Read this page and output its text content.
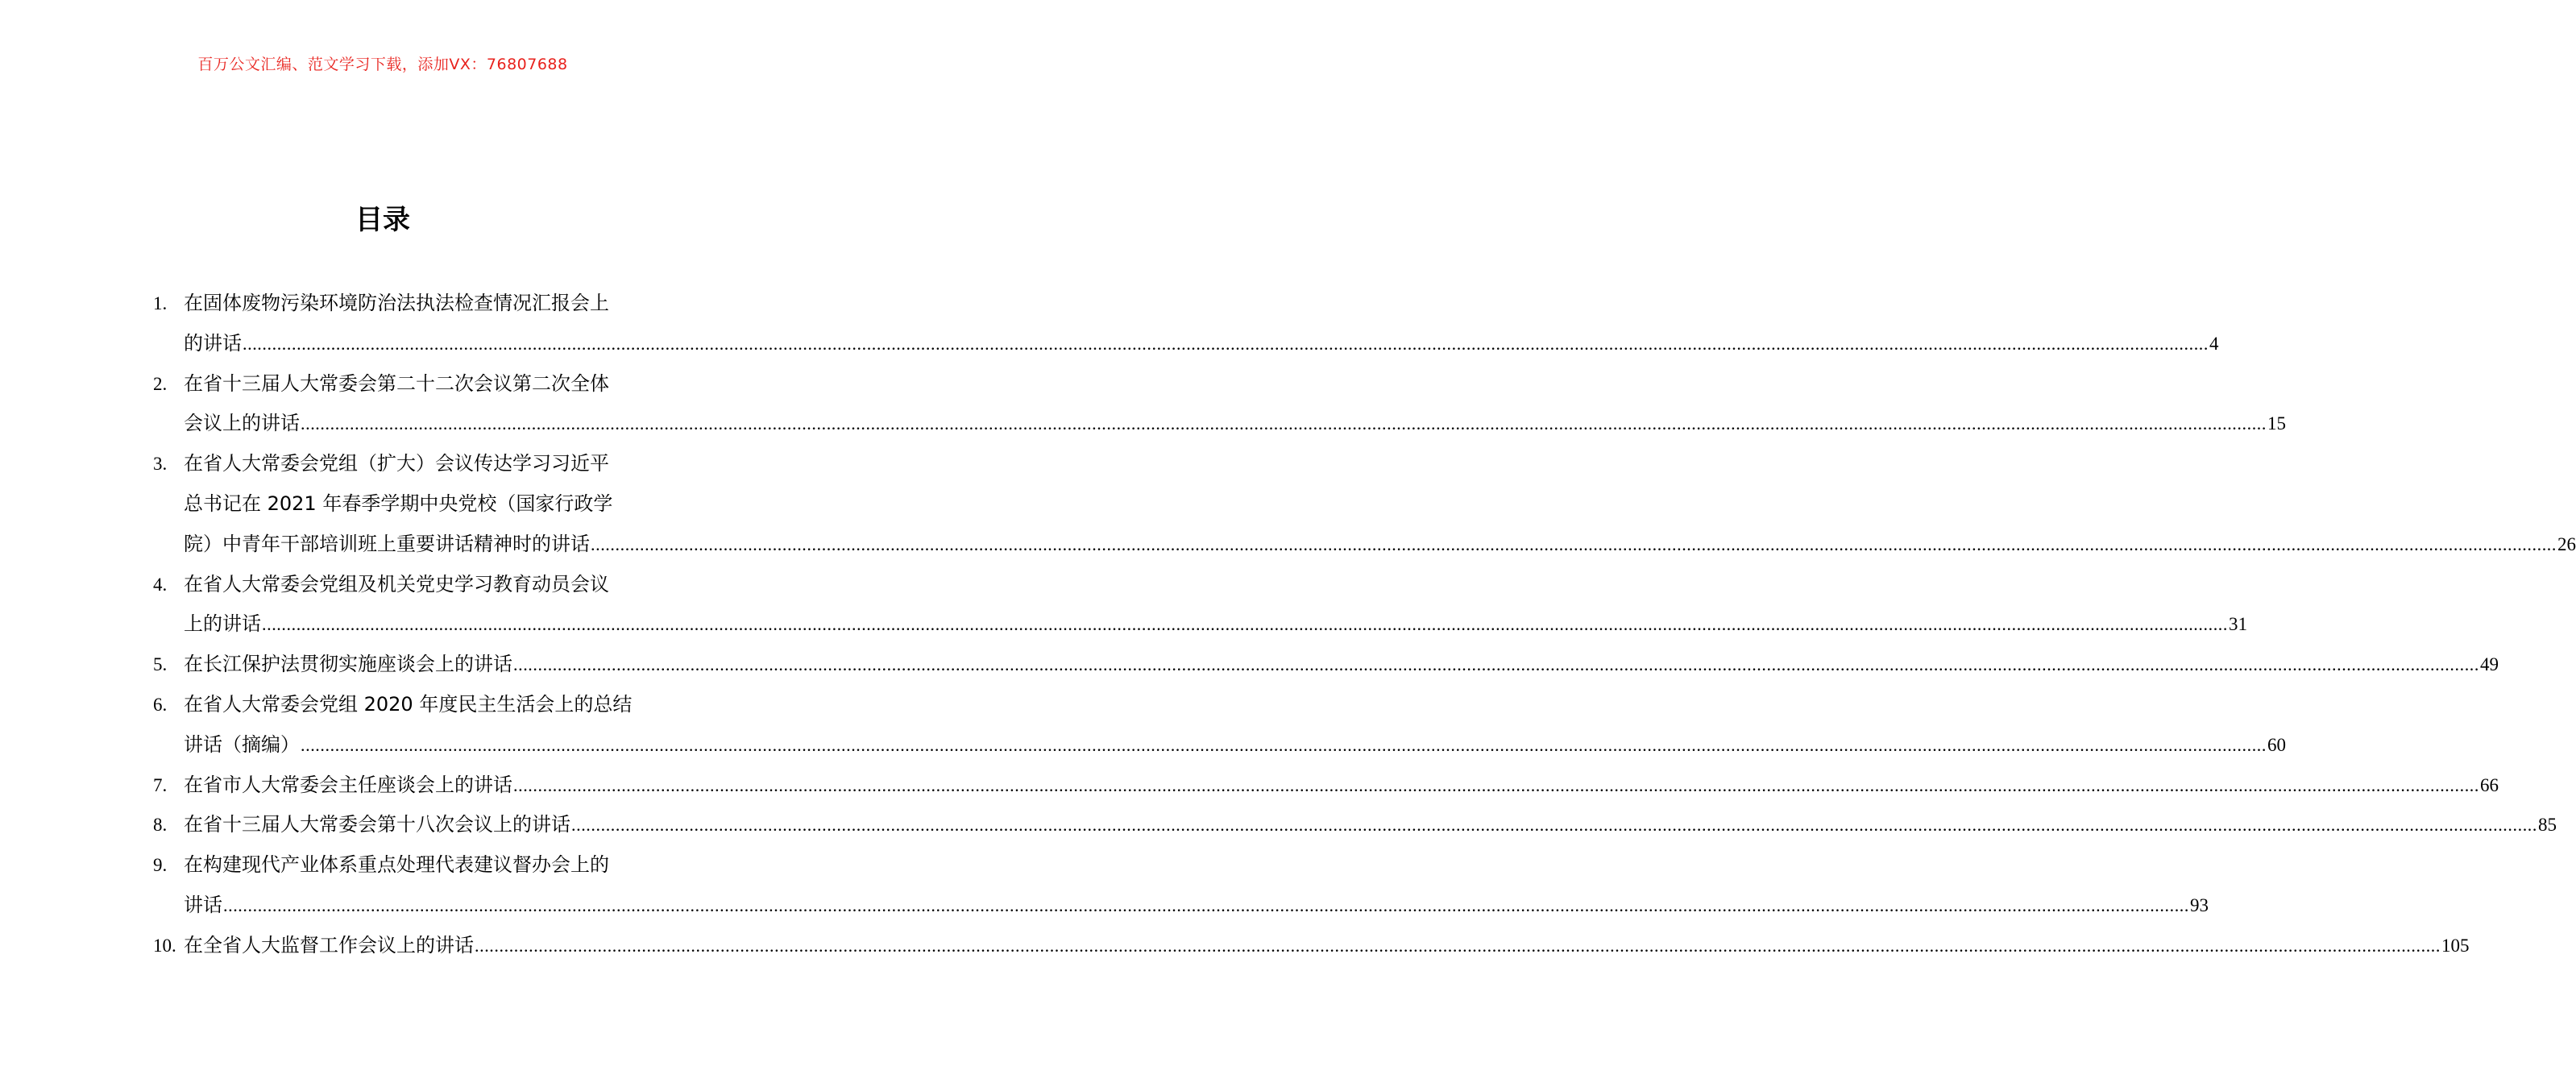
百万公文汇编、范文学习下载，添加VX：76807688
目录
1. 在固体废物污染环境防治法执法检查情况汇报会上
的讲话 ................................................................................................................................................................................................................................................................................................................................................................................................................ 4
2. 在省十三届人大常委会第二十二次会议第二次全体
会议上的讲话 ................................................................................................................................................................................................................................................................................................................................................................................................................ 15
3. 在省人大常委会党组（扩大）会议传达学习习近平
总书记在 2021 年春季学期中央党校（国家行政学
院）中青年干部培训班上重要讲话精神时的讲话 ................................................................................................................................................................................................................................................................................................................................................................................................................ 26
4. 在省人大常委会党组及机关党史学习教育动员会议
上的讲话 ................................................................................................................................................................................................................................................................................................................................................................................................................ 31
5. 在长江保护法贯彻实施座谈会上的讲话 ................................................................................................................................................................................................................................................................................................................................................................................................................ 49
6. 在省人大常委会党组 2020 年度民主生活会上的总结
讲话（摘编） ................................................................................................................................................................................................................................................................................................................................................................................................................ 60
7. 在省市人大常委会主任座谈会上的讲话 ................................................................................................................................................................................................................................................................................................................................................................................................................ 66
8. 在省十三届人大常委会第十八次会议上的讲话 ................................................................................................................................................................................................................................................................................................................................................................................................................ 85
9. 在构建现代产业体系重点处理代表建议督办会上的
讲话 ................................................................................................................................................................................................................................................................................................................................................................................................................ 93
10. 在全省人大监督工作会议上的讲话 ................................................................................................................................................................................................................................................................................................................................................................................................................ 105
